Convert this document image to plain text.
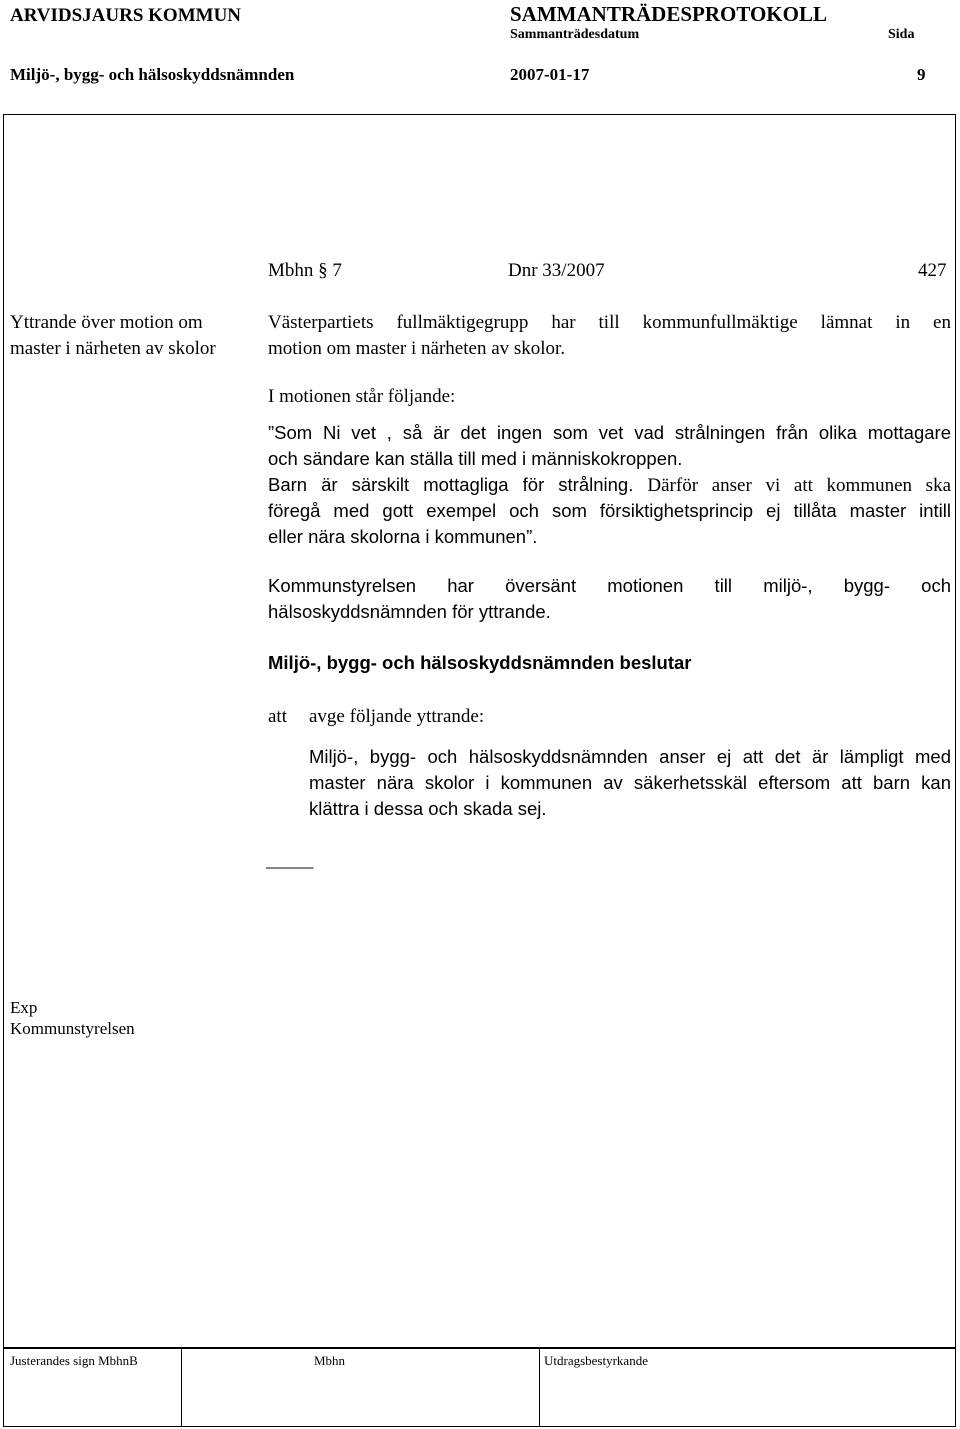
ARVIDSJAURS KOMMUN	SAMMANTRÄDESPROTOKOLL
Sammanträdesdatum	Sida
Miljö-, bygg- och hälsoskyddsnämnden	2007-01-17	9
Mbhn § 7	Dnr 33/2007	427
Yttrande över motion om
master i närheten av skolor
Västerpartiets fullmäktigegrupp har till kommunfullmäktige lämnat in en
motion om master i närheten av skolor.
I motionen står följande:
”Som Ni vet , så är det ingen som vet vad strålningen från olika mottagare
och sändare kan ställa till med i människokroppen.
Barn är särskilt mottagliga för strålning. Därför anser vi att kommunen ska
föregå med gott exempel och som försiktighetsprincip ej tillåta master intill
eller nära skolorna i kommunen”.
Kommunstyrelsen har översänt motionen till miljö-, bygg- och
hälsoskyddsnämnden för yttrande.
Miljö-, bygg- och hälsoskyddsnämnden beslutar
att avge följande yttrande:
Miljö-, bygg- och hälsoskyddsnämnden anser ej att det är lämpligt med
master nära skolor i kommunen av säkerhetsskäl eftersom att barn kan
klättra i dessa och skada sej.
_____
Exp
Kommunstyrelsen
Justerandes sign MbhnB	Mbhn	Utdragsbestyrkande
